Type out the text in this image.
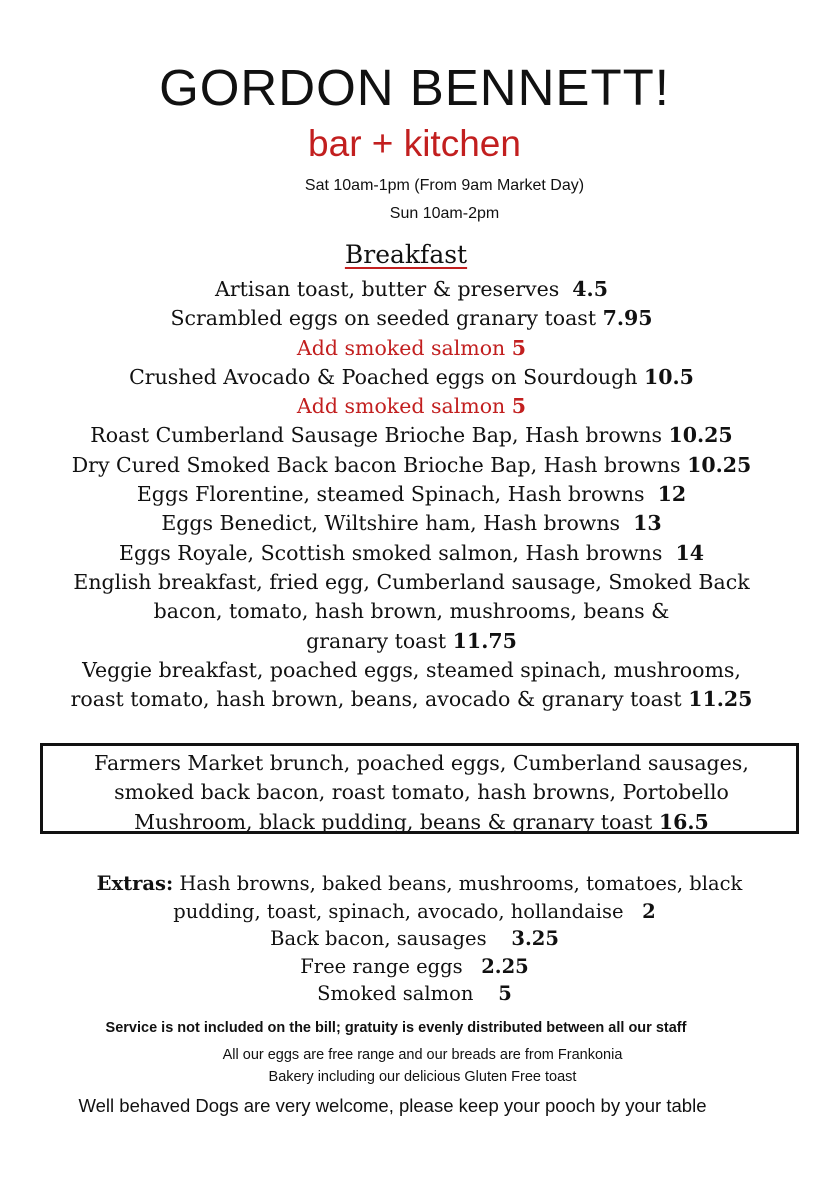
GORDON BENNETT!
bar + kitchen
Sat 10am-1pm (From 9am Market Day)
Sun 10am-2pm
Breakfast
Artisan toast, butter & preserves 4.5
Scrambled eggs on seeded granary toast 7.95
Add smoked salmon 5
Crushed Avocado & Poached eggs on Sourdough 10.5
Add smoked salmon 5
Roast Cumberland Sausage Brioche Bap, Hash browns 10.25
Dry Cured Smoked Back bacon Brioche Bap, Hash browns 10.25
Eggs Florentine, steamed Spinach, Hash browns 12
Eggs Benedict, Wiltshire ham, Hash browns 13
Eggs Royale, Scottish smoked salmon, Hash browns 14
English breakfast, fried egg, Cumberland sausage, Smoked Back
bacon, tomato, hash brown, mushrooms, beans &
granary toast 11.75
Veggie breakfast, poached eggs, steamed spinach, mushrooms,
roast tomato, hash brown, beans, avocado & granary toast 11.25
Farmers Market brunch, poached eggs, Cumberland sausages,
smoked back bacon, roast tomato, hash browns, Portobello
Mushroom, black pudding, beans & granary toast 16.5
Extras: Hash browns, baked beans, mushrooms, tomatoes, black
pudding, toast, spinach, avocado, hollandaise 2
Back bacon, sausages 3.25
Free range eggs 2.25
Smoked salmon 5
Service is not included on the bill; gratuity is evenly distributed between all our staff
All our eggs are free range and our breads are from Frankonia
Bakery including our delicious Gluten Free toast
Well behaved Dogs are very welcome, please keep your pooch by your table
